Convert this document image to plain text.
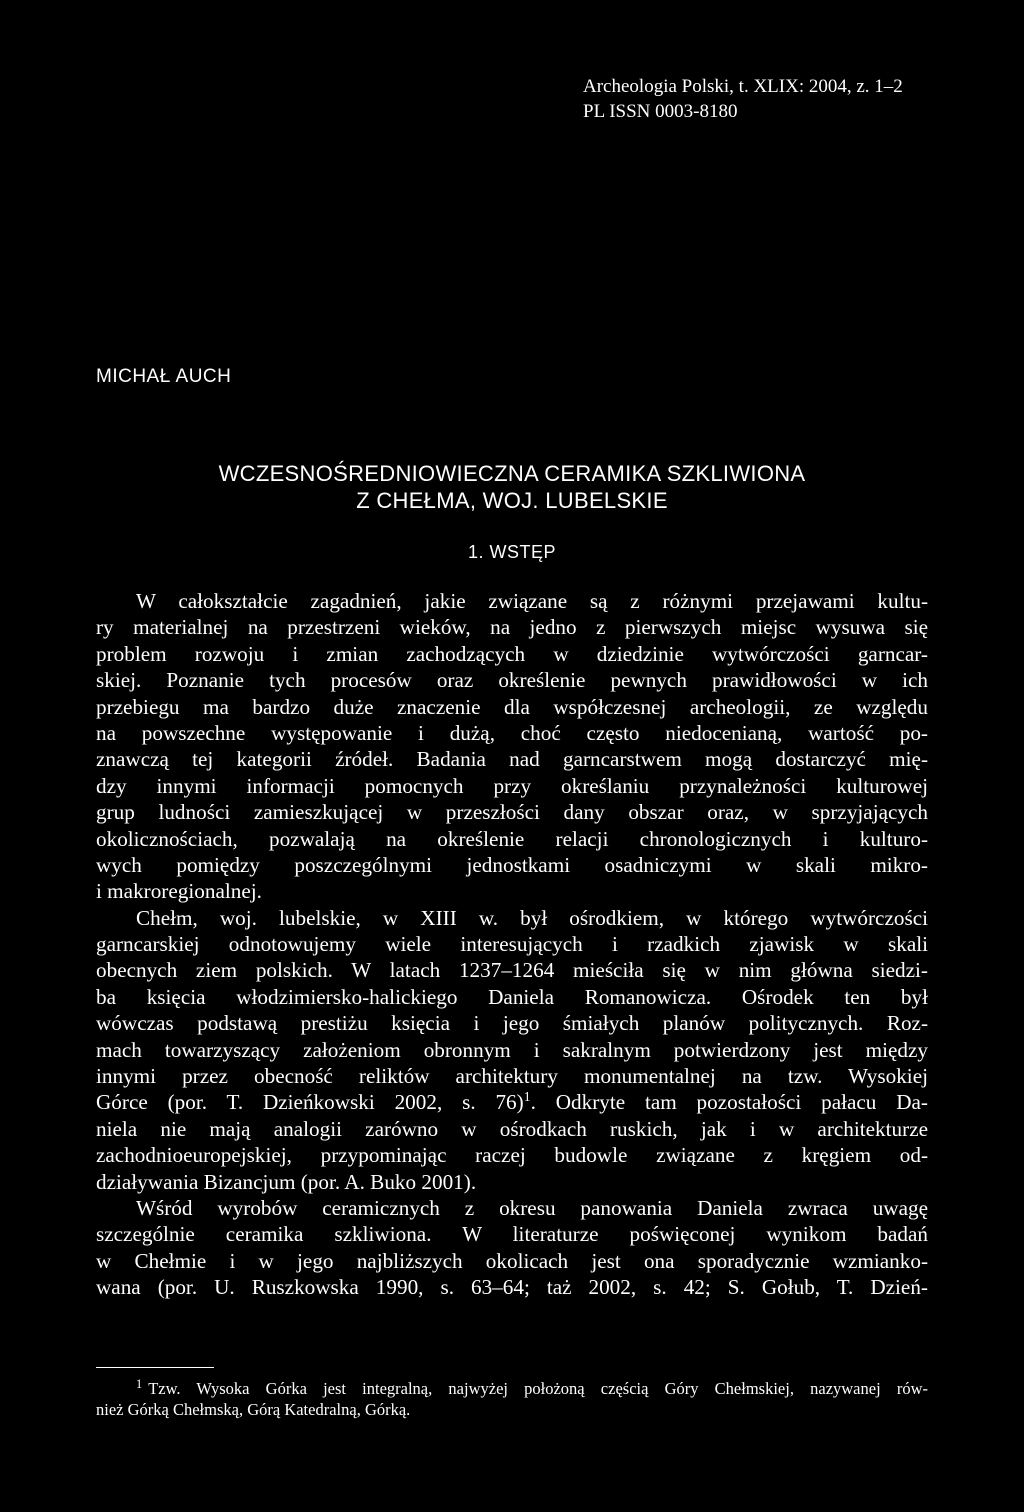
Archeologia Polski, t. XLIX: 2004, z. 1–2
PL ISSN 0003-8180
MICHAŁ AUCH
WCZESNOŚREDNIOWIECZNA CERAMIKA SZKLIWIONA
Z CHEŁMA, WOJ. LUBELSKIE
1. WSTĘP
W całokształcie zagadnień, jakie związane są z różnymi przejawami kultu-
ry materialnej na przestrzeni wieków, na jedno z pierwszych miejsc wysuwa się
problem rozwoju i zmian zachodzących w dziedzinie wytwórczości garncar-
skiej. Poznanie tych procesów oraz określenie pewnych prawidłowości w ich
przebiegu ma bardzo duże znaczenie dla współczesnej archeologii, ze względu
na powszechne występowanie i dużą, choć często niedocenianą, wartość po-
znawczą tej kategorii źródeł. Badania nad garncarstwem mogą dostarczyć mię-
dzy innymi informacji pomocnych przy określaniu przynależności kulturowej
grup ludności zamieszkującej w przeszłości dany obszar oraz, w sprzyjających
okolicznościach, pozwalają na określenie relacji chronologicznych i kulturo-
wych pomiędzy poszczególnymi jednostkami osadniczymi w skali mikro-
i makroregionalnej.
Chełm, woj. lubelskie, w XIII w. był ośrodkiem, w którego wytwórczości
garncarskiej odnotowujemy wiele interesujących i rzadkich zjawisk w skali
obecnych ziem polskich. W latach 1237–1264 mieściła się w nim główna siedzi-
ba księcia włodzimiersko-halickiego Daniela Romanowicza. Ośrodek ten był
wówczas podstawą prestiżu księcia i jego śmiałych planów politycznych. Roz-
mach towarzyszący założeniom obronnym i sakralnym potwierdzony jest między
innymi przez obecność reliktów architektury monumentalnej na tzw. Wysokiej
Górce (por. T. Dzieńkowski 2002, s. 76)$^1$. Odkryte tam pozostałości pałacu Da-
niela nie mają analogii zarówno w ośrodkach ruskich, jak i w architekturze
zachodnioeuropejskiej, przypominając raczej budowle związane z kręgiem od-
działywania Bizancjum (por. A. Buko 2001).
Wśród wyrobów ceramicznych z okresu panowania Daniela zwraca uwagę
szczególnie ceramika szkliwiona. W literaturze poświęconej wynikom badań
w Chełmie i w jego najbliższych okolicach jest ona sporadycznie wzmianko-
wana (por. U. Ruszkowska 1990, s. 63–64; taż 2002, s. 42; S. Gołub, T. Dzień-
$^1$ Tzw. Wysoka Górka jest integralną, najwyżej położoną częścią Góry Chełmskiej, nazywanej rów-
nież Górką Chełmską, Górą Katedralną, Górką.
